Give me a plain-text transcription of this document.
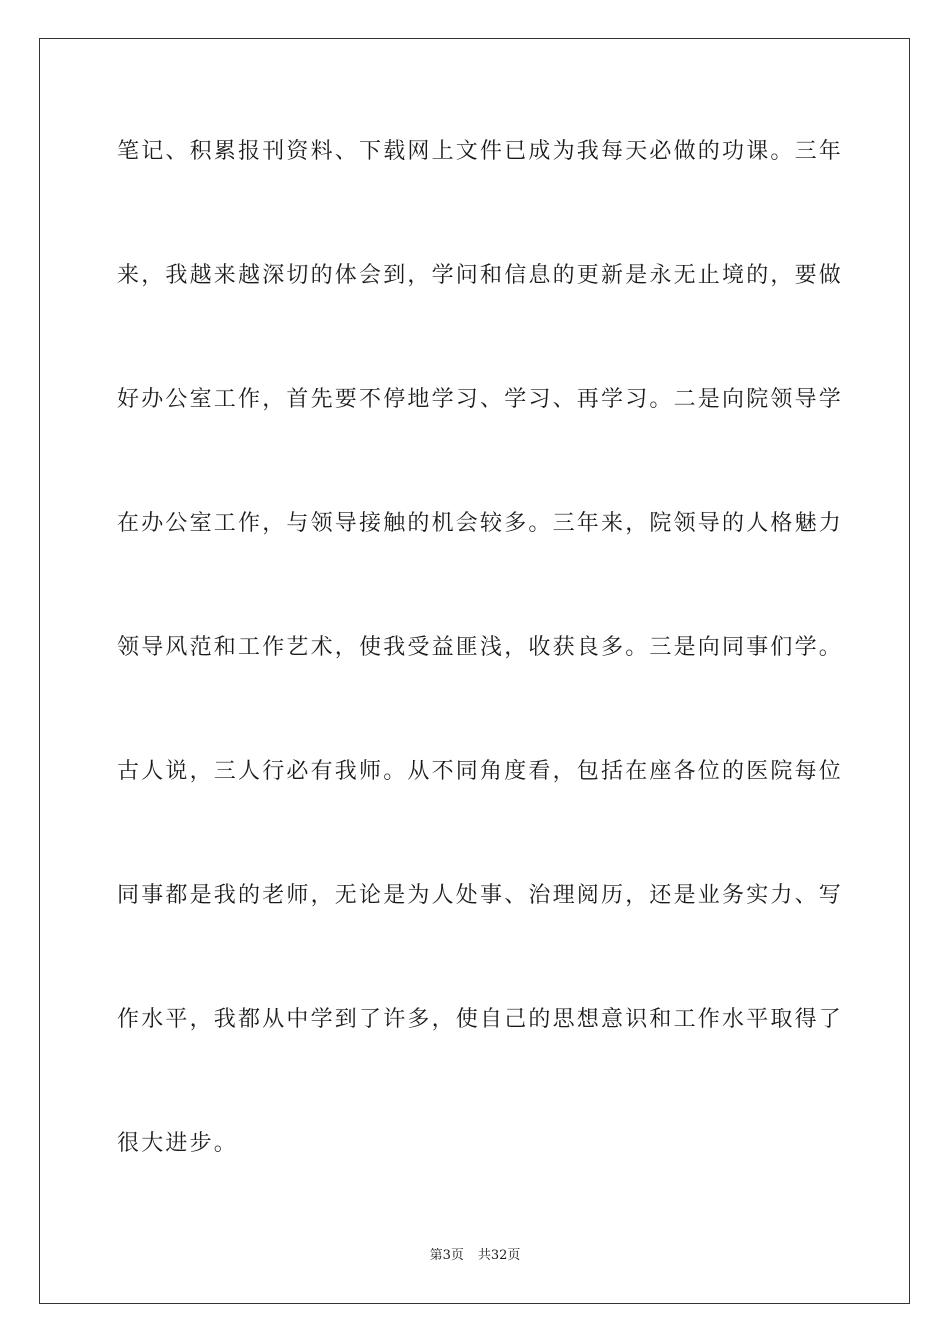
笔记、积累报刊资料、下载网上文件已成为我每天必做的功课。三年
来，我越来越深切的体会到，学问和信息的更新是永无止境的，要做
好办公室工作，首先要不停地学习、学习、再学习。二是向院领导学
在办公室工作，与领导接触的机会较多。三年来，院领导的人格魅力
领导风范和工作艺术，使我受益匪浅，收获良多。三是向同事们学。
古人说，三人行必有我师。从不同角度看，包括在座各位的医院每位
同事都是我的老师，无论是为人处事、治理阅历，还是业务实力、写
作水平，我都从中学到了许多，使自己的思想意识和工作水平取得了
很大进步。
第3页 共32页
